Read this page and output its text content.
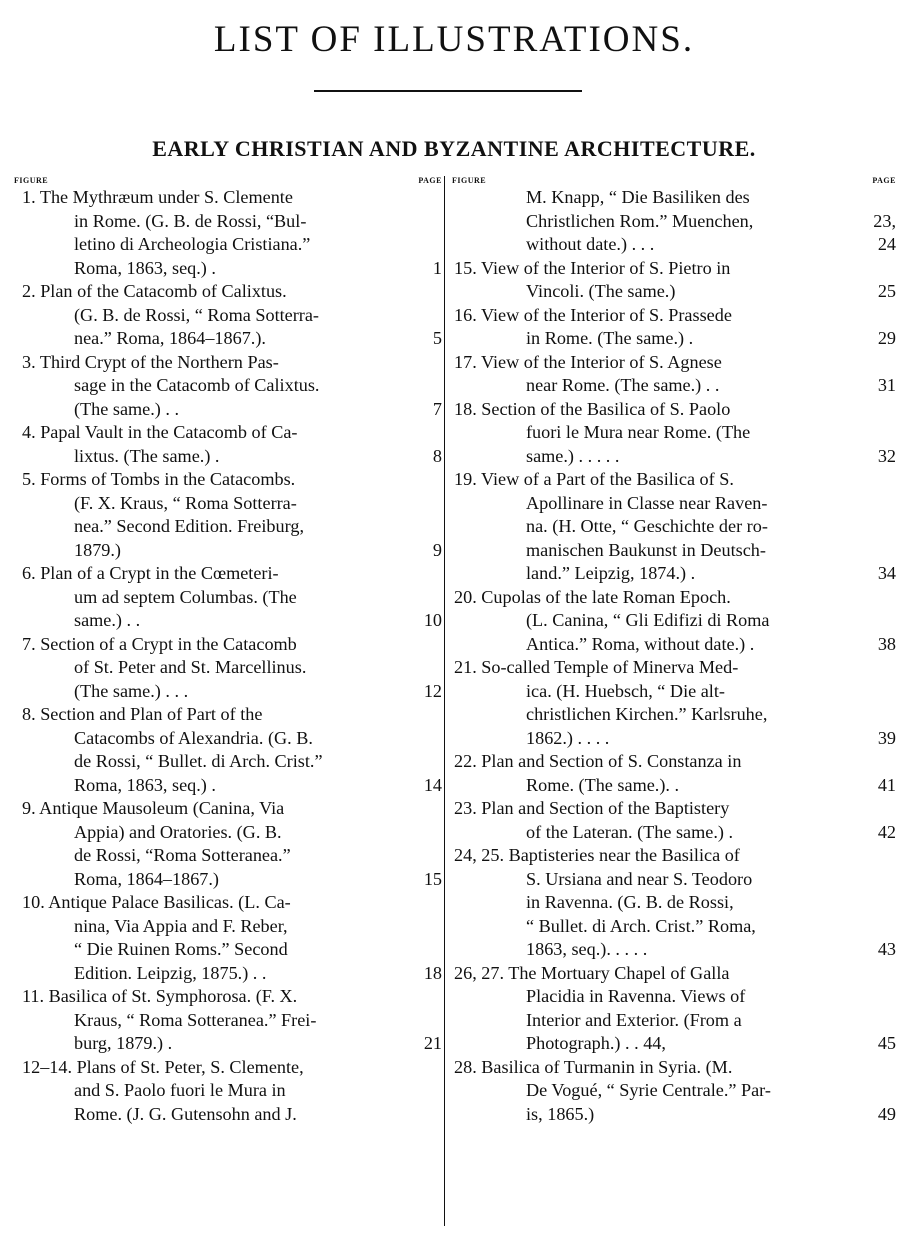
LIST OF ILLUSTRATIONS.
EARLY CHRISTIAN AND BYZANTINE ARCHITECTURE.
FIGURE	PAGE
1. The Mythræum under S. Clemente
in Rome. (G. B. de Rossi, “Bul-
letino di Archeologia Cristiana.”
Roma, 1863, seq.) .	1
2. Plan of the Catacomb of Calixtus.
(G. B. de Rossi, “ Roma Sotterra-
nea.” Roma, 1864–1867.).	5
3. Third Crypt of the Northern Pas-
sage in the Catacomb of Calixtus.
(The same.) . .	7
4. Papal Vault in the Catacomb of Ca-
lixtus. (The same.) .	8
5. Forms of Tombs in the Catacombs.
(F. X. Kraus, “ Roma Sotterra-
nea.” Second Edition. Freiburg,
1879.)	9
6. Plan of a Crypt in the Cœmeteri-
um ad septem Columbas. (The
same.) . .	10
7. Section of a Crypt in the Catacomb
of St. Peter and St. Marcellinus.
(The same.) . . .	12
8. Section and Plan of Part of the
Catacombs of Alexandria. (G. B.
de Rossi, “ Bullet. di Arch. Crist.”
Roma, 1863, seq.) .	14
9. Antique Mausoleum (Canina, Via
Appia) and Oratories. (G. B.
de Rossi, “Roma Sotteranea.”
Roma, 1864–1867.)	15
10. Antique Palace Basilicas. (L. Ca-
nina, Via Appia and F. Reber,
“ Die Ruinen Roms.” Second
Edition. Leipzig, 1875.) . .	18
11. Basilica of St. Symphorosa. (F. X.
Kraus, “ Roma Sotteranea.” Frei-
burg, 1879.) .	21
12–14. Plans of St. Peter, S. Clemente,
and S. Paolo fuori le Mura in
Rome. (J. G. Gutensohn and J.
FIGURE	PAGE
M. Knapp, “ Die Basiliken des
Christlichen Rom.” Muenchen,
without date.) . . .
23, 24
15. View of the Interior of S. Pietro in
Vincoli. (The same.)	25
16. View of the Interior of S. Prassede
in Rome. (The same.) .	29
17. View of the Interior of S. Agnese
near Rome. (The same.) . .	31
18. Section of the Basilica of S. Paolo
fuori le Mura near Rome. (The
same.) . . . . .	32
19. View of a Part of the Basilica of S.
Apollinare in Classe near Raven-
na. (H. Otte, “ Geschichte der ro-
manischen Baukunst in Deutsch-
land.” Leipzig, 1874.) .	34
20. Cupolas of the late Roman Epoch.
(L. Canina, “ Gli Edifizi di Roma
Antica.” Roma, without date.) .	38
21. So-called Temple of Minerva Med-
ica. (H. Huebsch, “ Die alt-
christlichen Kirchen.” Karlsruhe,
1862.) . . . .	39
22. Plan and Section of S. Constanza in
Rome. (The same.). .	41
23. Plan and Section of the Baptistery
of the Lateran. (The same.) .	42
24, 25. Baptisteries near the Basilica of
S. Ursiana and near S. Teodoro
in Ravenna. (G. B. de Rossi,
“ Bullet. di Arch. Crist.” Roma,
1863, seq.). . . . .	43
26, 27. The Mortuary Chapel of Galla
Placidia in Ravenna. Views of
Interior and Exterior. (From a
Photograph.) . . 44,	45
28. Basilica of Turmanin in Syria. (M.
De Vogué, “ Syrie Centrale.” Par-
is, 1865.)	49
